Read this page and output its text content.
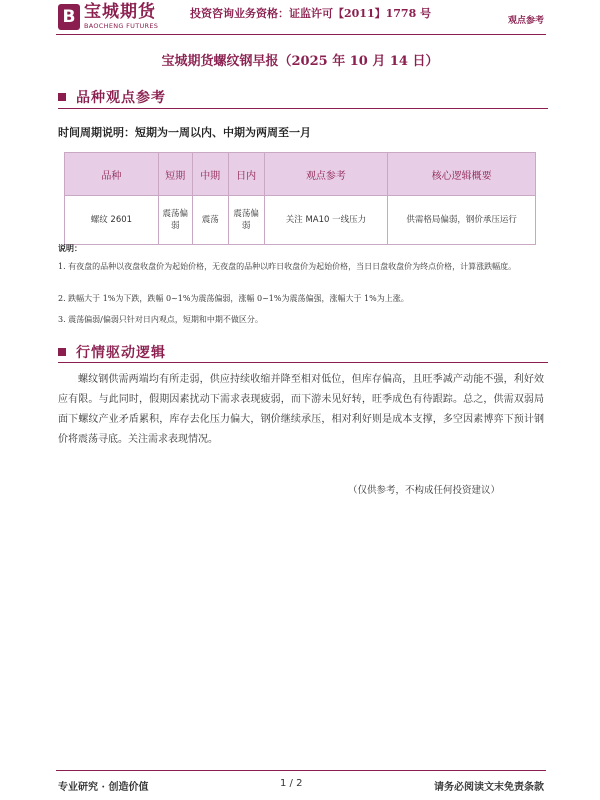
B 宝城期货
BAOCHENG FUTURES
投资咨询业务资格：证监许可【2011】1778 号
观点参考
宝城期货螺纹钢早报（2025 年 10 月 14 日）
品种观点参考
时间周期说明：短期为一周以内、中期为两周至一月
品种	短期	中期	日内	观点参考	核心逻辑概要
螺纹 2601	震荡偏弱	震荡	震荡偏弱	关注 MA10 一线压力	供需格局偏弱，钢价承压运行
说明：
1. 有夜盘的品种以夜盘收盘价为起始价格，无夜盘的品种以昨日收盘价为起始价格，当日日盘收盘价为终点价格，计算涨跌幅度。
2. 跌幅大于 1%为下跌，跌幅 0~1%为震荡偏弱，涨幅 0~1%为震荡偏强，涨幅大于 1%为上涨。
3. 震荡偏弱/偏弱只针对日内观点，短期和中期不做区分。
行情驱动逻辑
螺纹钢供需两端均有所走弱，供应持续收缩并降至相对低位，但库存偏高，且旺季减产动能不强，利好效应有限。与此同时，假期因素扰动下需求表现疲弱，而下游未见好转，旺季成色有待跟踪。总之，供需双弱局面下螺纹产业矛盾累积，库存去化压力偏大，钢价继续承压，相对利好则是成本支撑，多空因素博弈下预计钢价将震荡寻底。关注需求表现情况。
（仅供参考，不构成任何投资建议）
专业研究 · 创造价值	1 / 2	请务必阅读文末免责条款
